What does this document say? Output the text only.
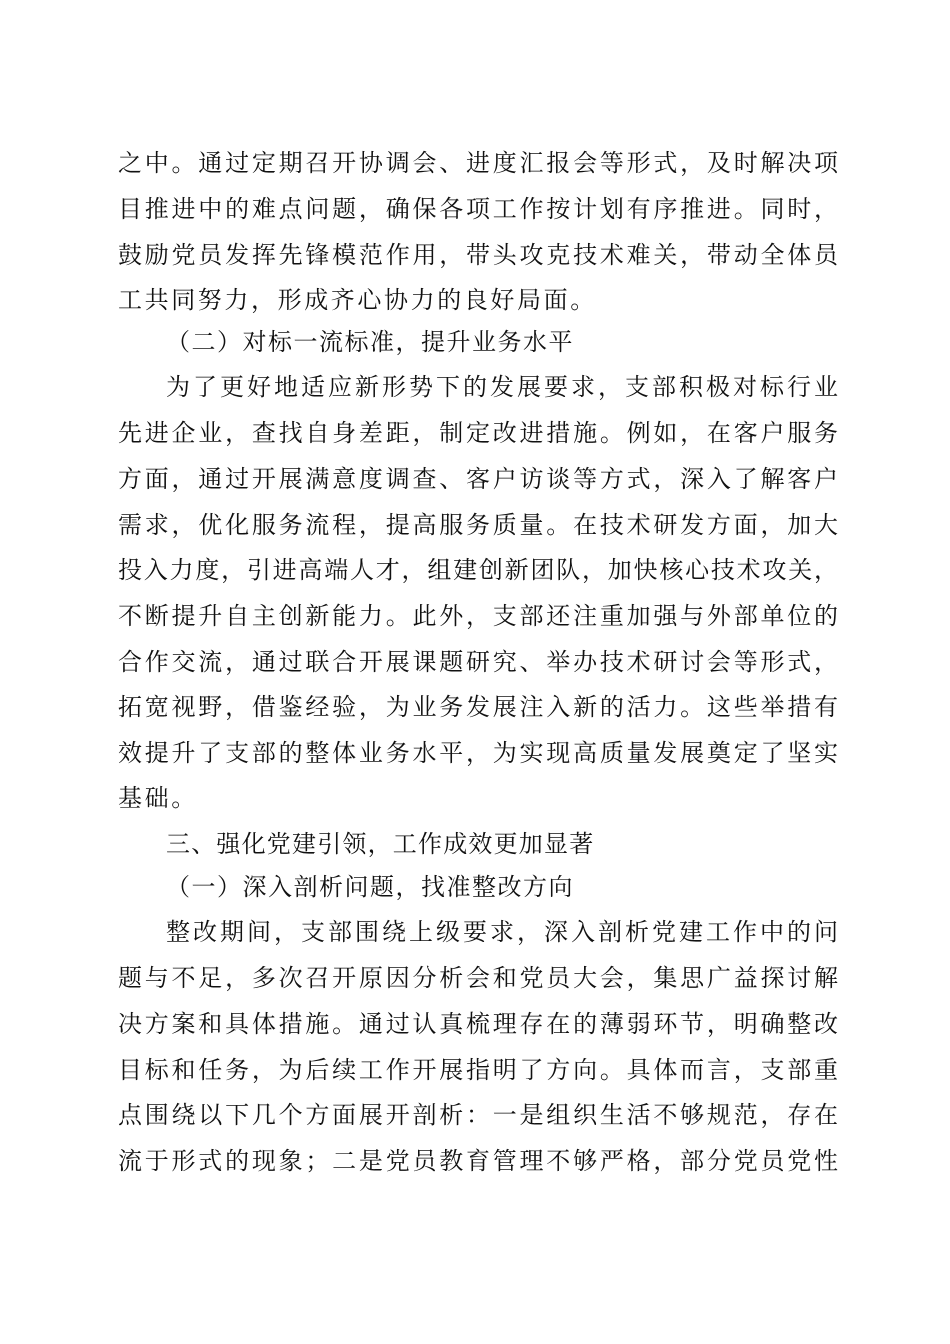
之中。通过定期召开协调会、进度汇报会等形式，及时解决项
目推进中的难点问题，确保各项工作按计划有序推进。同时，
鼓励党员发挥先锋模范作用，带头攻克技术难关，带动全体员
工共同努力，形成齐心协力的良好局面。
（二）对标一流标准，提升业务水平
为了更好地适应新形势下的发展要求，支部积极对标行业
先进企业，查找自身差距，制定改进措施。例如，在客户服务
方面，通过开展满意度调查、客户访谈等方式，深入了解客户
需求，优化服务流程，提高服务质量。在技术研发方面，加大
投入力度，引进高端人才，组建创新团队，加快核心技术攻关，
不断提升自主创新能力。此外，支部还注重加强与外部单位的
合作交流，通过联合开展课题研究、举办技术研讨会等形式，
拓宽视野，借鉴经验，为业务发展注入新的活力。这些举措有
效提升了支部的整体业务水平，为实现高质量发展奠定了坚实
基础。
三、强化党建引领，工作成效更加显著
（一）深入剖析问题，找准整改方向
整改期间，支部围绕上级要求，深入剖析党建工作中的问
题与不足，多次召开原因分析会和党员大会，集思广益探讨解
决方案和具体措施。通过认真梳理存在的薄弱环节，明确整改
目标和任务，为后续工作开展指明了方向。具体而言，支部重
点围绕以下几个方面展开剖析：一是组织生活不够规范，存在
流于形式的现象；二是党员教育管理不够严格，部分党员党性
